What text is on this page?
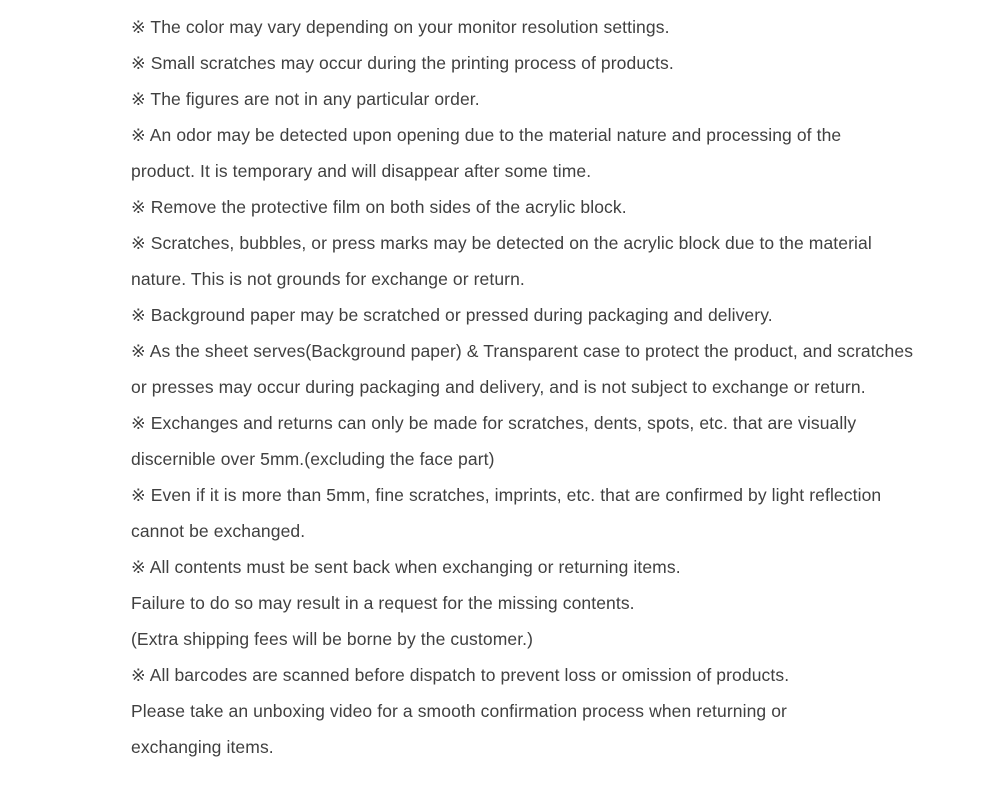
※ The color may vary depending on your monitor resolution settings.
※ Small scratches may occur during the printing process of products.
※ The figures are not in any particular order.
※ An odor may be detected upon opening due to the material nature and processing of the
product. It is temporary and will disappear after some time.
※ Remove the protective film on both sides of the acrylic block.
※ Scratches, bubbles, or press marks may be detected on the acrylic block due to the material
nature. This is not grounds for exchange or return.
※ Background paper may be scratched or pressed during packaging and delivery.
※ As the sheet serves(Background paper) & Transparent case to protect the product, and scratches
or presses may occur during packaging and delivery, and is not subject to exchange or return.
※ Exchanges and returns can only be made for scratches, dents, spots, etc. that are visually
discernible over 5mm.(excluding the face part)
※ Even if it is more than 5mm, fine scratches, imprints, etc. that are confirmed by light reflection
cannot be exchanged.
※ All contents must be sent back when exchanging or returning items.
Failure to do so may result in a request for the missing contents.
(Extra shipping fees will be borne by the customer.)
※ All barcodes are scanned before dispatch to prevent loss or omission of products.
Please take an unboxing video for a smooth confirmation process when returning or
exchanging items.
